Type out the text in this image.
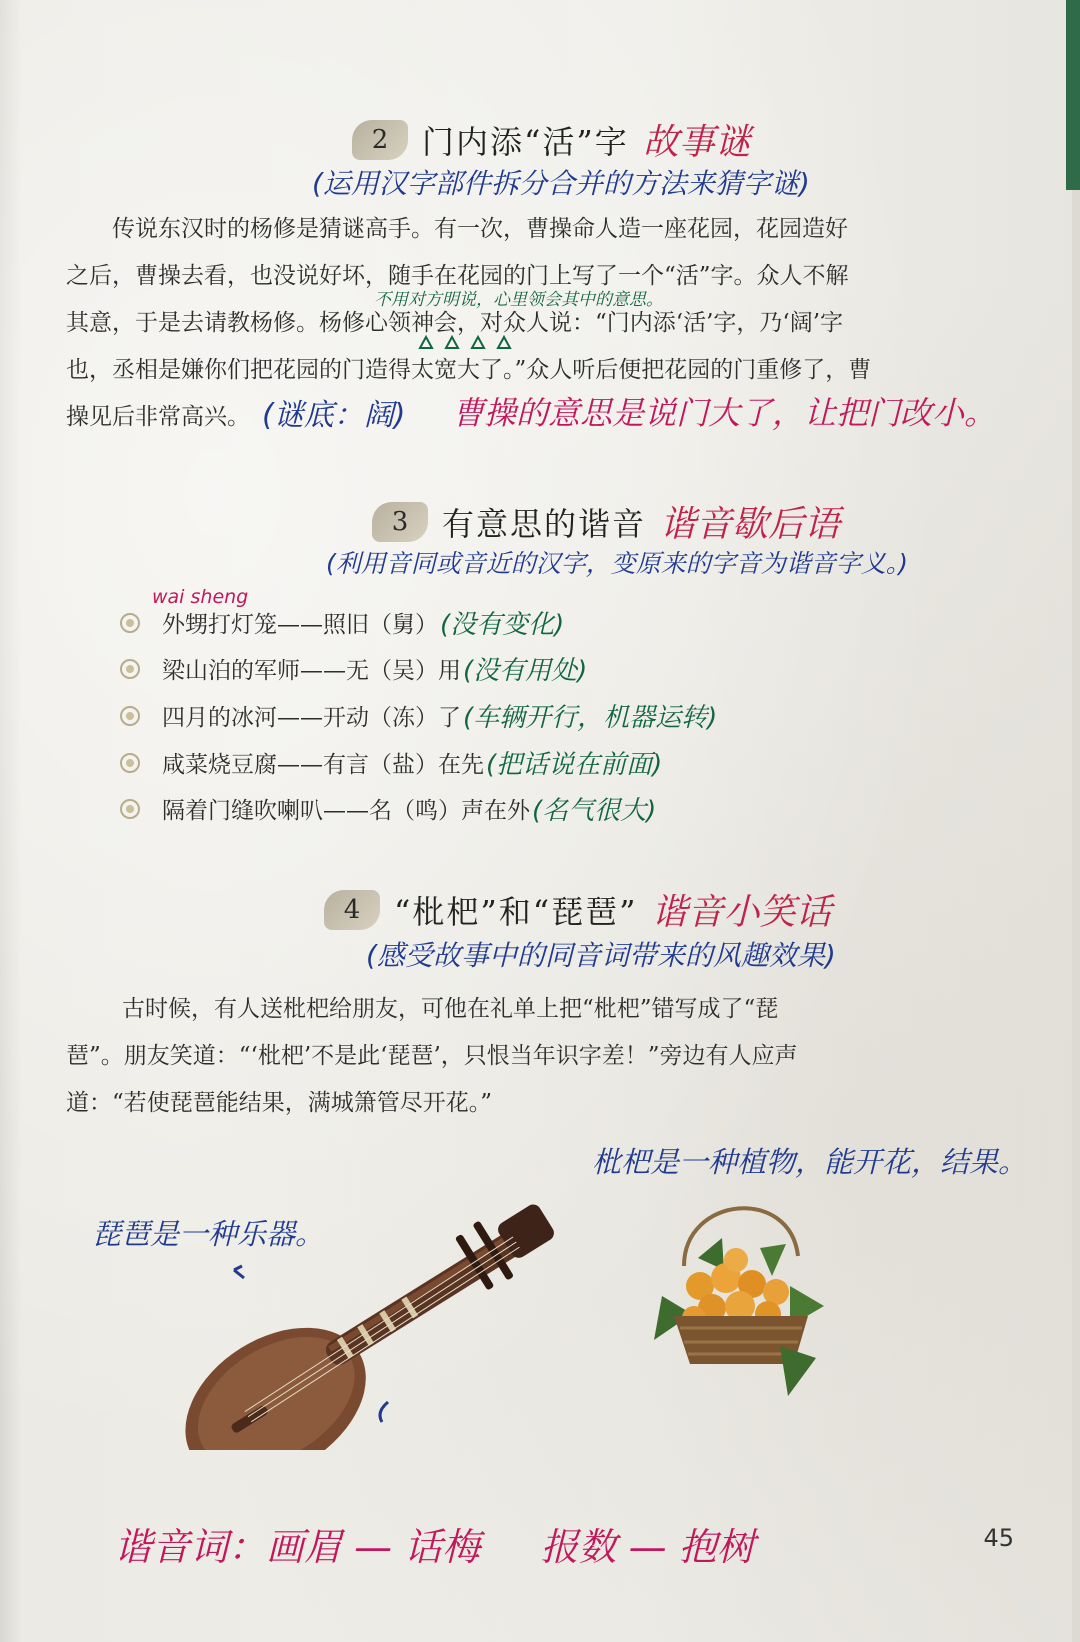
2	门内添“活”字 故事谜
(运用汉字部件拆分合并的方法来猜字谜)
传说东汉时的杨修是猜谜高手。有一次，曹操命人造一座花园，花园造好
之后，曹操去看，也没说好坏，随手在花园的门上写了一个“活”字。众人不解
其意，于是去请教杨修。杨修心领神会，对众人说：“门内添‘活’字，乃‘阔’字
也，丞相是嫌你们把花园的门造得太宽大了。”众人听后便把花园的门重修了，曹
操见后非常高兴。
不用对方明说，心里领会其中的意思。
(谜底：阔) 曹操的意思是说门大了，让把门改小。
3	有意思的谐音 谐音歇后语
(利用音同或音近的汉字，变原来的字音为谐音字义。)
wai sheng
外甥打灯笼——照旧（舅） (没有变化)
梁山泊的军师——无（吴）用 (没有用处)
四月的冰河——开动（冻）了 (车辆开行，机器运转)
咸菜烧豆腐——有言（盐）在先 (把话说在前面)
隔着门缝吹喇叭——名（鸣）声在外 (名气很大)
4	“枇杷”和“琵琶” 谐音小笑话
(感受故事中的同音词带来的风趣效果)
古时候，有人送枇杷给朋友，可他在礼单上把“枇杷”错写成了“琵
琶”。朋友笑道：“‘枇杷’不是此‘琵琶’，只恨当年识字差！”旁边有人应声
道：“若使琵琶能结果，满城箫管尽开花。”
枇杷是一种植物，能开花，结果。
琵琶是一种乐器。
谐音词：画眉 — 话梅     报数 — 抱树	45
